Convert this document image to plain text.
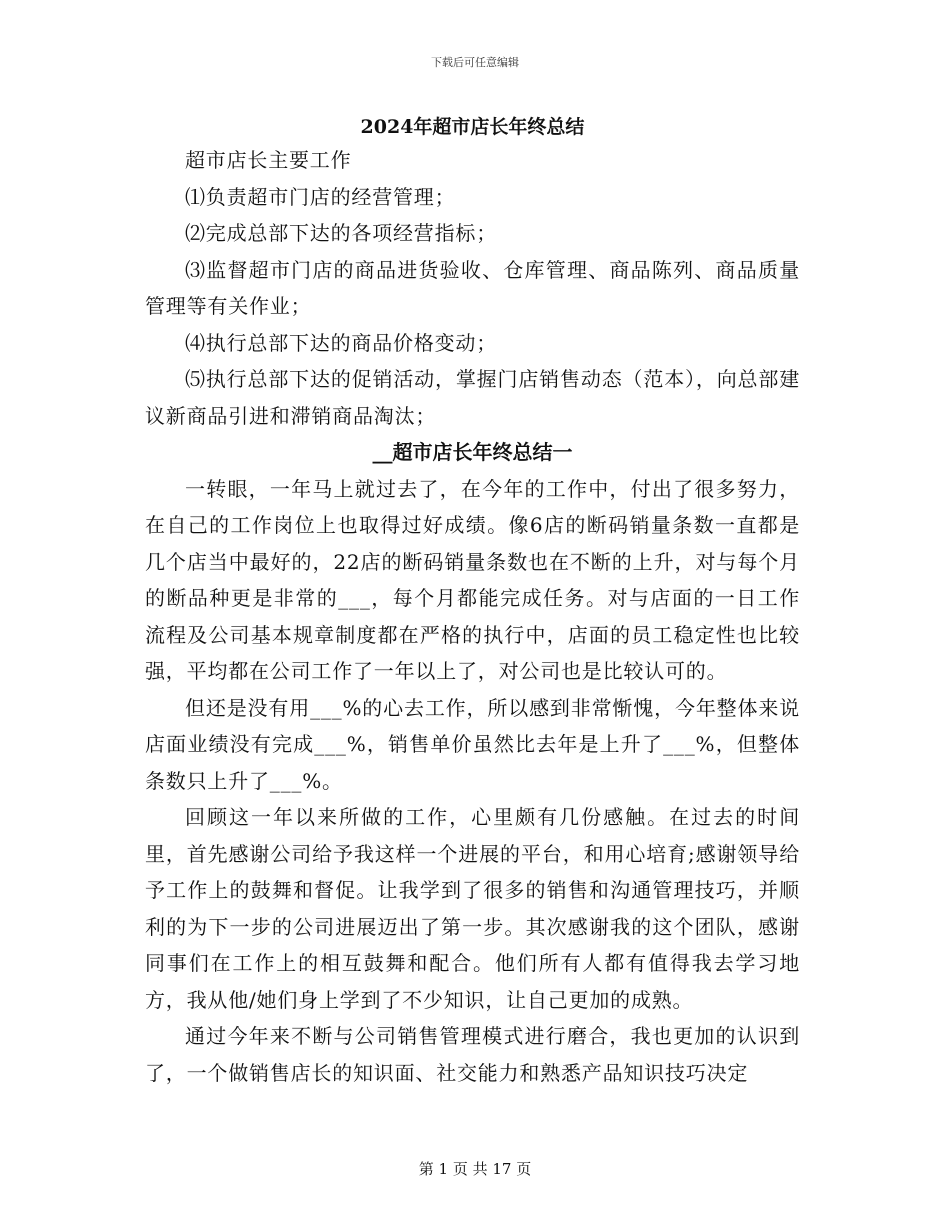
下载后可任意编辑
2024年超市店长年终总结

超市店长主要工作

⑴负责超市门店的经营管理；

⑵完成总部下达的各项经营指标；

⑶监督超市门店的商品进货验收、仓库管理、商品陈列、商品质量管理等有关作业；

⑷执行总部下达的商品价格变动；

⑸执行总部下达的促销活动，掌握门店销售动态（范本），向总部建议新商品引进和滞销商品淘汰；

__超市店长年终总结一

一转眼，一年马上就过去了，在今年的工作中，付出了很多努力，在自己的工作岗位上也取得过好成绩。像6店的断码销量条数一直都是几个店当中最好的，22店的断码销量条数也在不断的上升，对与每个月的断品种更是非常的___，每个月都能完成任务。对与店面的一日工作流程及公司基本规章制度都在严格的执行中，店面的员工稳定性也比较强，平均都在公司工作了一年以上了，对公司也是比较认可的。

但还是没有用___%的心去工作，所以感到非常惭愧，今年整体来说店面业绩没有完成___%，销售单价虽然比去年是上升了___%，但整体条数只上升了___%。

回顾这一年以来所做的工作，心里颇有几份感触。在过去的时间里，首先感谢公司给予我这样一个进展的平台，和用心培育;感谢领导给予工作上的鼓舞和督促。让我学到了很多的销售和沟通管理技巧，并顺利的为下一步的公司进展迈出了第一步。其次感谢我的这个团队，感谢同事们在工作上的相互鼓舞和配合。他们所有人都有值得我去学习地方，我从他/她们身上学到了不少知识，让自己更加的成熟。

通过今年来不断与公司销售管理模式进行磨合，我也更加的认识到了，一个做销售店长的知识面、社交能力和熟悉产品知识技巧决定

第 1 页 共 17 页
